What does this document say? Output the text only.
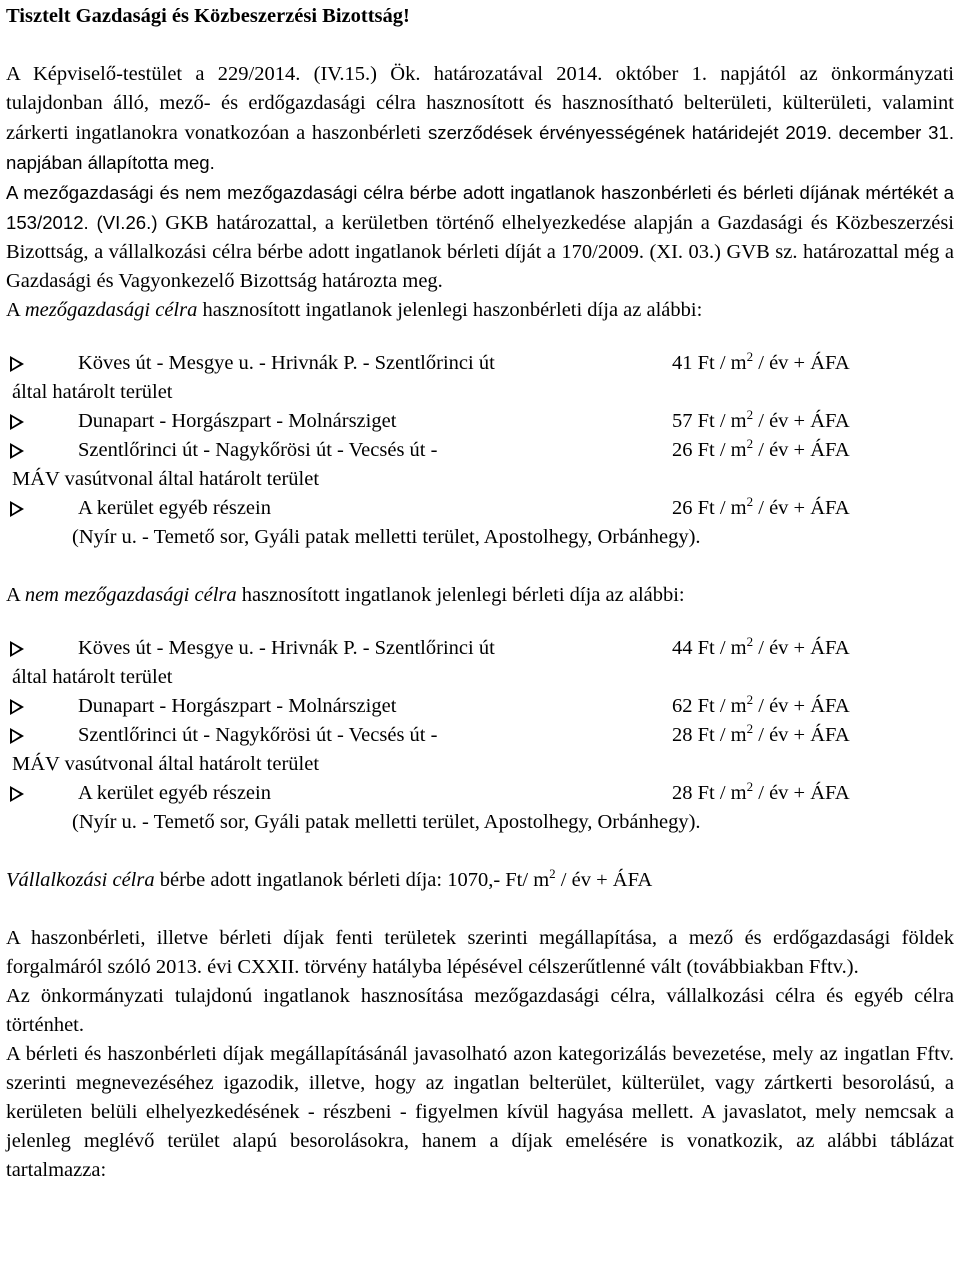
Tisztelt Gazdasági és Közbeszerzési Bizottság!

A Képviselő-testület a 229/2014. (IV.15.) Ök. határozatával 2014. október 1. napjától az önkormányzati tulajdonban álló, mező- és erdőgazdasági célra hasznosított és hasznosítható belterületi, külterületi, valamint zárkerti ingatlanokra vonatkozóan a haszonbérleti szerződések érvényességének határidejét 2019. december 31. napjában állapította meg.

A mezőgazdasági és nem mezőgazdasági célra bérbe adott ingatlanok haszonbérleti és bérleti díjának mértékét a 153/2012. (VI.26.) GKB határozattal, a kerületben történő elhelyezkedése alapján a Gazdasági és Közbeszerzési Bizottság, a vállalkozási célra bérbe adott ingatlanok bérleti díját a 170/2009. (XI. 03.) GVB sz. határozattal még a Gazdasági és Vagyonkezelő Bizottság határozta meg.

A mezőgazdasági célra hasznosított ingatlanok jelenlegi haszonbérleti díja az alábbi:

Köves út - Mesgye u. - Hrivnák P. - Szentlőrinci út
által határolt terület
41 Ft / $m^2$ / év + ÁFA
Dunapart - Horgászpart - Molnársziget	57 Ft / $m^2$ / év + ÁFA
Szentlőrinci út - Nagykőrösi út - Vecsés út -
MÁV vasútvonal által határolt terület
26 Ft / $m^2$ / év + ÁFA
A kerület egyéb részein	26 Ft / $m^2$ / év + ÁFA

(Nyír u. - Temető sor, Gyáli patak melletti terület, Apostolhegy, Orbánhegy).

A nem mezőgazdasági célra hasznosított ingatlanok jelenlegi bérleti díja az alábbi:

Köves út - Mesgye u. - Hrivnák P. - Szentlőrinci út
által határolt terület
44 Ft / $m^2$ / év + ÁFA
Dunapart - Horgászpart - Molnársziget	62 Ft / $m^2$ / év + ÁFA
Szentlőrinci út - Nagykőrösi út - Vecsés út -
MÁV vasútvonal által határolt terület
28 Ft / $m^2$ / év + ÁFA
A kerület egyéb részein	28 Ft / $m^2$ / év + ÁFA

(Nyír u. - Temető sor, Gyáli patak melletti terület, Apostolhegy, Orbánhegy).

Vállalkozási célra bérbe adott ingatlanok bérleti díja: 1070,- Ft/ $m^2$ / év + ÁFA

A haszonbérleti, illetve bérleti díjak fenti területek szerinti megállapítása, a mező és erdőgazdasági földek forgalmáról szóló 2013. évi CXXII. törvény hatályba lépésével célszerűtlenné vált (továbbiakban Fftv.).

Az önkormányzati tulajdonú ingatlanok hasznosítása mezőgazdasági célra, vállalkozási célra és egyéb célra történhet.

A bérleti és haszonbérleti díjak megállapításánál javasolható azon kategorizálás bevezetése, mely az ingatlan Fftv. szerinti megnevezéséhez igazodik, illetve, hogy az ingatlan belterület, külterület, vagy zártkerti besorolású, a kerületen belüli elhelyezkedésének - részbeni - figyelmen kívül hagyása mellett. A javaslatot, mely nemcsak a jelenleg meglévő terület alapú besorolásokra, hanem a díjak emelésére is vonatkozik, az alábbi táblázat tartalmazza:
